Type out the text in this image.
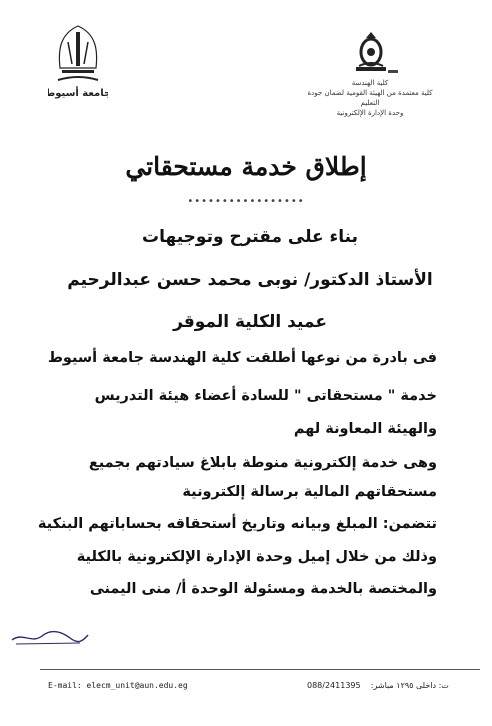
كلية الهندسة
كلية معتمدة من الهيئة القومية لضمان جودة التعليم
وحدة الإدارة الإلكترونية
جامعة أسيوط
إطلاق خدمة مستحقاتي
•••••••••••••••••
بناء على مقترح وتوجيهات
الأستاذ الدكتور/ نوبى محمد حسن عبدالرحيم
عميد الكلية الموقر
فى بادرة من نوعها أطلقت كلية الهندسة جامعة أسيوط
خدمة " مستحقاتى " للسادة أعضاء هيئة التدريس
والهيئة المعاونة لهم
وهى خدمة إلكترونية منوطة بابلاغ سيادتهم بجميع
مستحقاتهم المالية برسالة إلكترونية
تتضمن: المبلغ وبيانه وتاريخ أستحقاقه بحساباتهم البنكية
وذلك من خلال إميل وحدة الإدارة الإلكترونية بالكلية
والمختصة بالخدمة ومسئولة الوحدة أ/ منى اليمنى
E-mail: elecm_unit@aun.edu.eg	088/2411395 ت: داخلى ١٢٩٥ مباشر:
